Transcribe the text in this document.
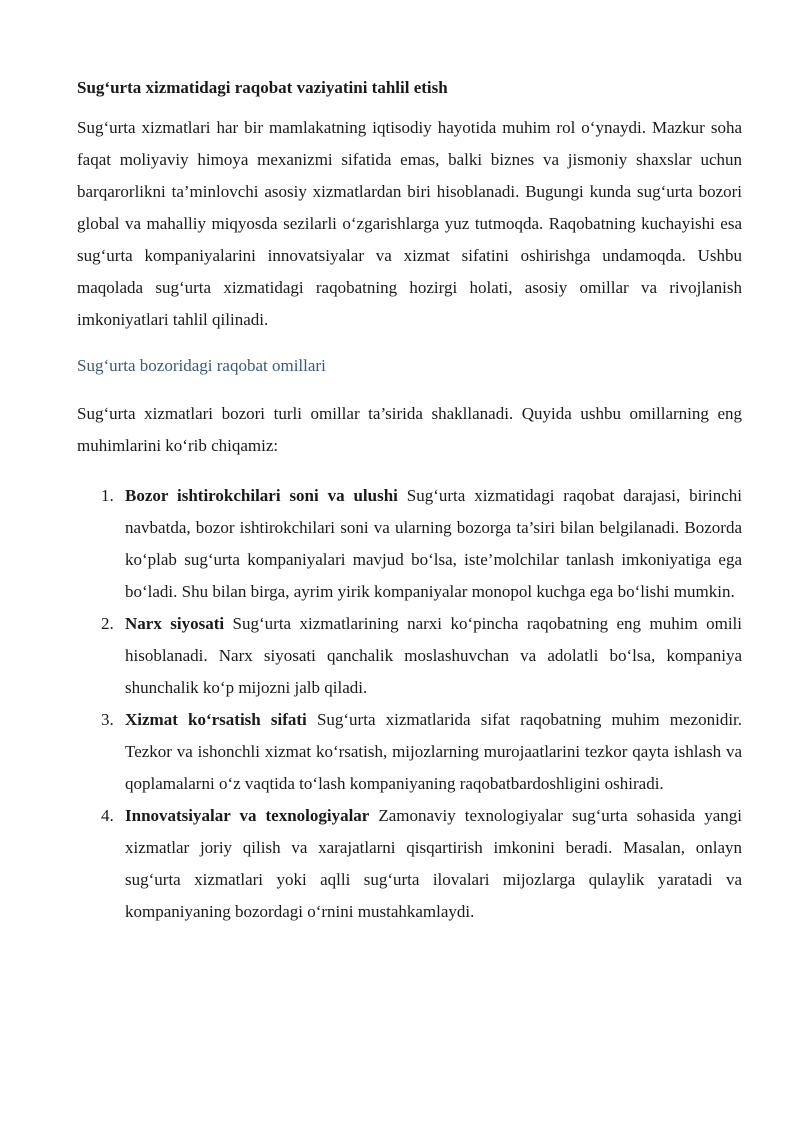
Sug‘urta xizmatidagi raqobat vaziyatini tahlil etish

Sug‘urta xizmatlari har bir mamlakatning iqtisodiy hayotida muhim rol o‘ynaydi. Mazkur soha faqat moliyaviy himoya mexanizmi sifatida emas, balki biznes va jismoniy shaxslar uchun barqarorlikni ta’minlovchi asosiy xizmatlardan biri hisoblanadi. Bugungi kunda sug‘urta bozori global va mahalliy miqyosda sezilarli o‘zgarishlarga yuz tutmoqda. Raqobatning kuchayishi esa sug‘urta kompaniyalarini innovatsiyalar va xizmat sifatini oshirishga undamoqda. Ushbu maqolada sug‘urta xizmatidagi raqobatning hozirgi holati, asosiy omillar va rivojlanish imkoniyatlari tahlil qilinadi.

Sug‘urta bozoridagi raqobat omillari

Sug‘urta xizmatlari bozori turli omillar ta’sirida shakllanadi. Quyida ushbu omillarning eng muhimlarini ko‘rib chiqamiz:

1. Bozor ishtirokchilari soni va ulushi Sug‘urta xizmatidagi raqobat darajasi, birinchi navbatda, bozor ishtirokchilari soni va ularning bozorga ta’siri bilan belgilanadi. Bozorda ko‘plab sug‘urta kompaniyalari mavjud bo‘lsa, iste’molchilar tanlash imkoniyatiga ega bo‘ladi. Shu bilan birga, ayrim yirik kompaniyalar monopol kuchga ega bo‘lishi mumkin.
2. Narx siyosati Sug‘urta xizmatlarining narxi ko‘pincha raqobatning eng muhim omili hisoblanadi. Narx siyosati qanchalik moslashuvchan va adolatli bo‘lsa, kompaniya shunchalik ko‘p mijozni jalb qiladi.
3. Xizmat ko‘rsatish sifati Sug‘urta xizmatlarida sifat raqobatning muhim mezonidir. Tezkor va ishonchli xizmat ko‘rsatish, mijozlarning murojaatlarini tezkor qayta ishlash va qoplamalarni o‘z vaqtida to‘lash kompaniyaning raqobatbardoshligini oshiradi.
4. Innovatsiyalar va texnologiyalar Zamonaviy texnologiyalar sug‘urta sohasida yangi xizmatlar joriy qilish va xarajatlarni qisqartirish imkonini beradi. Masalan, onlayn sug‘urta xizmatlari yoki aqlli sug‘urta ilovalari mijozlarga qulaylik yaratadi va kompaniyaning bozordagi o‘rnini mustahkamlaydi.
